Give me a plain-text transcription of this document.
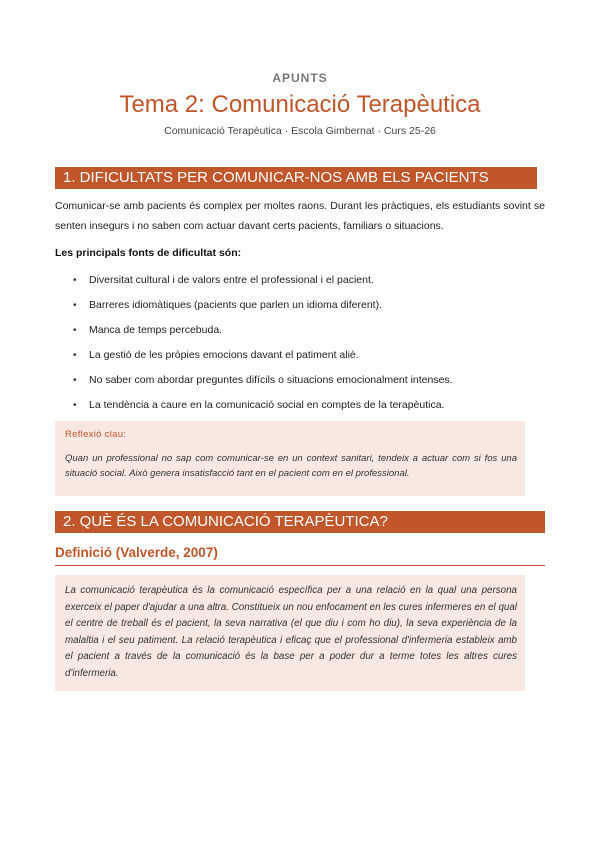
APUNTS
Tema 2: Comunicació Terapèutica
Comunicació Terapèutica · Escola Gimbernat · Curs 25-26
1. DIFICULTATS PER COMUNICAR-NOS AMB ELS PACIENTS
Comunicar-se amb pacients és complex per moltes raons. Durant les pràctiques, els estudiants sovint se senten insegurs i no saben com actuar davant certs pacients, familiars o situacions.
Les principals fonts de dificultat són:
• Diversitat cultural i de valors entre el professional i el pacient.
• Barreres idiomàtiques (pacients que parlen un idioma diferent).
• Manca de temps percebuda.
• La gestió de les pròpies emocions davant el patiment aliè.
• No saber com abordar preguntes difícils o situacions emocionalment intenses.
• La tendència a caure en la comunicació social en comptes de la terapèutica.
Reflexió clau:
Quan un professional no sap com comunicar-se en un context sanitari, tendeix a actuar com si fos una situació social. Això genera insatisfacció tant en el pacient com en el professional.
2. QUÈ ÉS LA COMUNICACIÓ TERAPÈUTICA?
Definició (Valverde, 2007)
La comunicació terapèutica és la comunicació específica per a una relació en la qual una persona exerceix el paper d'ajudar a una altra. Constitueix un nou enfocament en les cures infermeres en el qual el centre de treball és el pacient, la seva narrativa (el que diu i com ho diu), la seva experiència de la malaltia i el seu patiment. La relació terapèutica i eficaç que el professional d'infermeria estableix amb el pacient a través de la comunicació és la base per a poder dur a terme totes les altres cures d'infermeria.
